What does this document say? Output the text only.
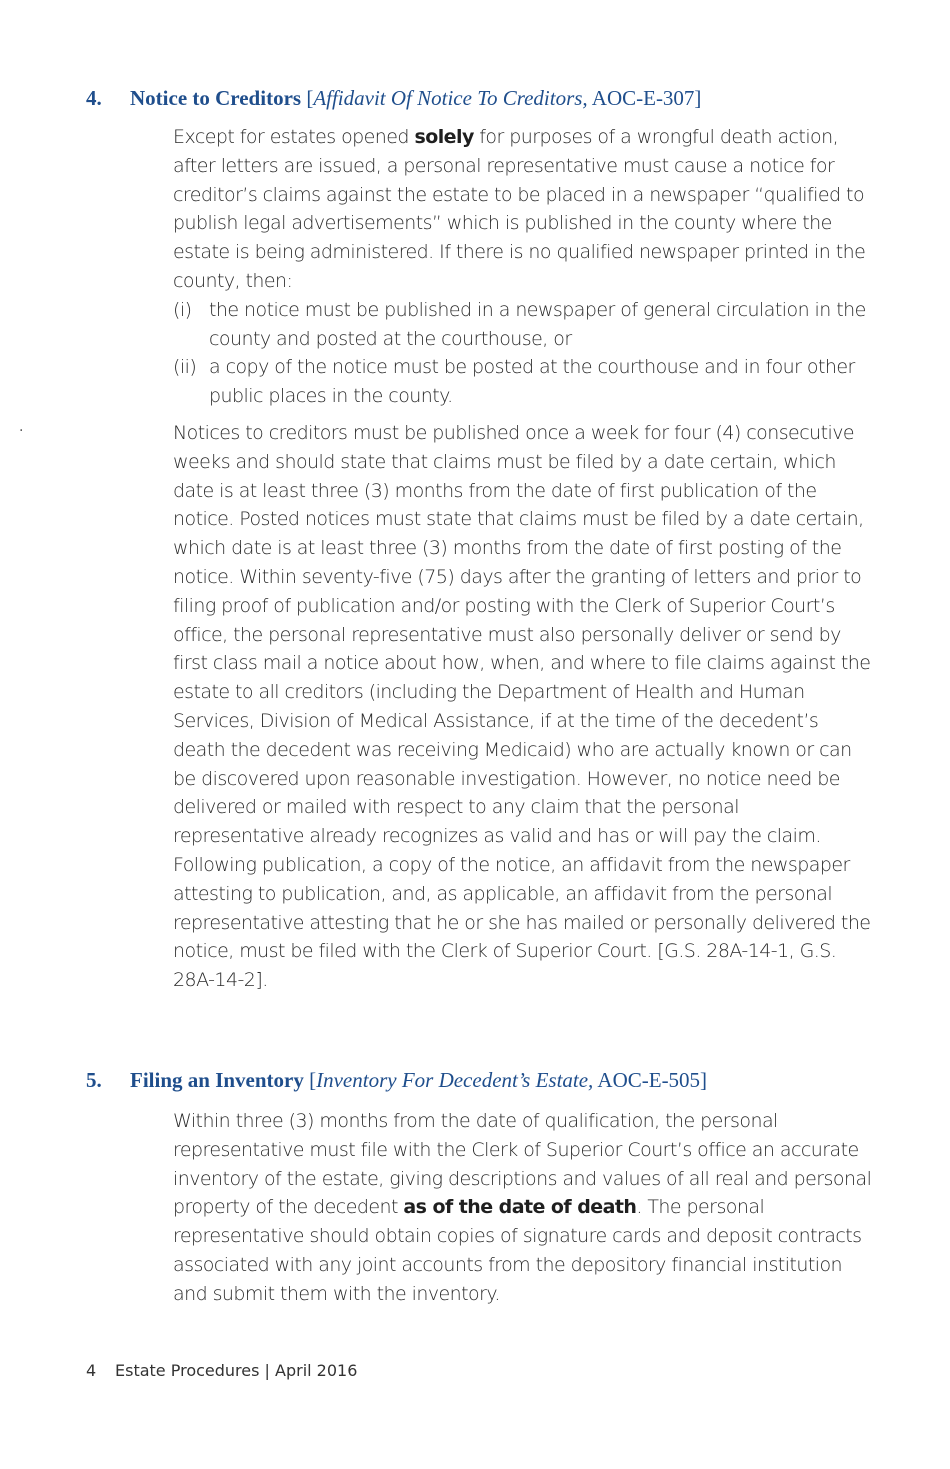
·
4. Notice to Creditors [Affidavit Of Notice To Creditors, AOC-E-307]
Except for estates opened solely for purposes of a wrongful death action, after letters are issued, a personal representative must cause a notice for creditor’s claims against the estate to be placed in a newspaper “qualified to publish legal advertisements” which is published in the county where the estate is being administered. If there is no qualified newspaper printed in the county, then:
(i) the notice must be published in a newspaper of general circulation in the county and posted at the courthouse, or
(ii) a copy of the notice must be posted at the courthouse and in four other public places in the county.
Notices to creditors must be published once a week for four (4) consecutive weeks and should state that claims must be filed by a date certain, which date is at least three (3) months from the date of first publication of the notice. Posted notices must state that claims must be filed by a date certain, which date is at least three (3) months from the date of first posting of the notice. Within seventy-five (75) days after the granting of letters and prior to filing proof of publication and/or posting with the Clerk of Superior Court’s office, the personal representative must also personally deliver or send by first class mail a notice about how, when, and where to file claims against the estate to all creditors (including the Department of Health and Human Services, Division of Medical Assistance, if at the time of the decedent’s death the decedent was receiving Medicaid) who are actually known or can be discovered upon reasonable investigation. However, no notice need be delivered or mailed with respect to any claim that the personal representative already recognizes as valid and has or will pay the claim. Following publication, a copy of the notice, an affidavit from the newspaper attesting to publication, and, as applicable, an affidavit from the personal representative attesting that he or she has mailed or personally delivered the notice, must be filed with the Clerk of Superior Court. [G.S. 28A-14-1, G.S. 28A-14-2].
5. Filing an Inventory [Inventory For Decedent’s Estate, AOC-E-505]
Within three (3) months from the date of qualification, the personal representative must file with the Clerk of Superior Court’s office an accurate inventory of the estate, giving descriptions and values of all real and personal property of the decedent as of the date of death. The personal representative should obtain copies of signature cards and deposit contracts associated with any joint accounts from the depository financial institution and submit them with the inventory.
4 Estate Procedures | April 2016
